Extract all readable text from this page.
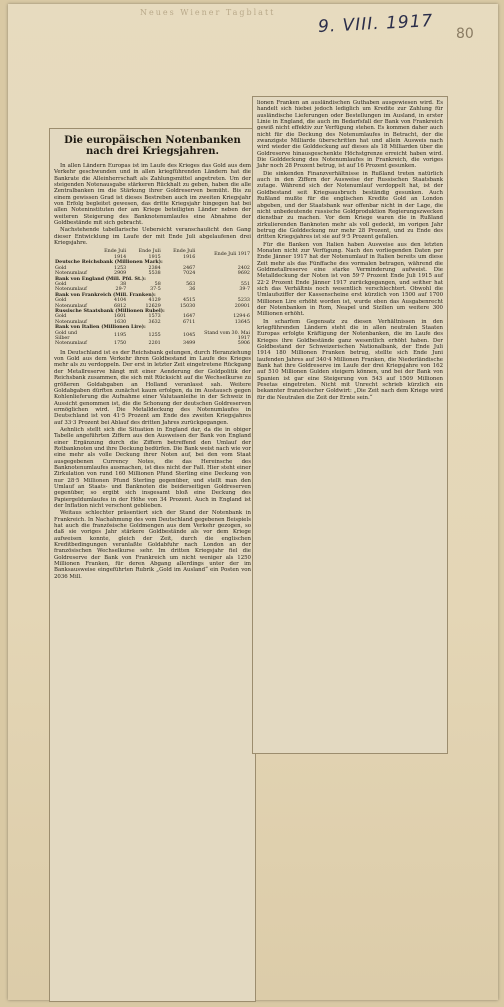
Neues Wiener Tagblatt 9. VIII. 1917 80
Die europäischen Notenbanken nach drei Kriegsjahren.

In allen Ländern Europas ist im Laufe des Krieges das Gold aus dem Verkehr geschwunden und in allen kriegführenden Ländern hat die Bankrate die Alleinherrschaft als Zahlungsmittel angetreten. Um der steigenden Notenausgabe stärkeren Rückhalt zu geben, haben die alle Zentralbanken im die Stärkung ihrer Goldreserven bemüht. Bis zu einem gewissen Grad ist dieses Bestreben auch im zweiten Kriegsjahr von Erfolg begleitet gewesen, das dritte Kriegsjahr hingegen hat bei allen Noteninstituten der am Kriege beteiligten Länder neben der weiteren Steigerung des Banknotenumlaufes eine Abnahme der Goldbestände mit sich gebracht.

Nachstehende tabellarische Uebersicht veranschaulicht den Gang dieser Entwicklung im Laufe der mit Ende Juli abgelaufenen drei Kriegsjahre.

	Ende Juli 1914	Ende Juli 1915	Ende Juli 1916	Ende Juli 1917
Deutsche Reichsbank (Millionen Mark):				
Gold	1253	2384	2467	2402
Notenumlauf	2909	5538	7024	9692
Bank von England (Mill. Pfd. St.):				
Gold	38	58	563	551
Notenumlauf	29·7	37·5	36	39·7
Bank von Frankreich (Mill. Franken):				
Gold	4104	4129	4515	5233
Notenumlauf	6812	12629	15030	20901
Russische Staatsbank (Millionen Rubel):				
Gold	1601	1573	1647	1294·6
Notenumlauf	1630	3632	6711	13645
Bank von Italien (Millionen Lire):				
Gold und Silber	1195	1255	1045	Stand vom 30. Mai 1917
Notenumlauf	1750	2201	3499	5906

In Deutschland ist es der Reichsbank gelungen, durch Heranziehung von Gold aus dem Verkehr ihren Goldbestand im Laufe des Krieges mehr als zu verdoppeln. Der erst in letzter Zeit eingetretene Rückgang der Metallreserve hängt mit einer Aenderung der Goldpolitik der Reichsbank zusammen, die sich mit Rücksicht auf die Wechselkurse zu größeren Goldabgaben an Holland veranlasst sah. Weitere Goldabgaben dürften zunächst kaum erfolgen, da im Austausch gegen Kohlenlieferung die Aufnahme einer Valutaanleihe in der Schweiz in Aussicht genommen ist, die die Schonung der deutschen Goldreserven ermöglichen wird. Die Metalldeckung des Notenumlaufes in Deutschland ist von 41·5 Prozent am Ende des zweiten Kriegsjahres auf 33·3 Prozent bei Ablauf des dritten Jahres zurückgegangen.

Aehnlich stellt sich die Situation in England dar, da die in obiger Tabelle angeführten Ziffern aus den Ausweisen der Bank von England einer Ergänzung durch die Ziffern betreffend den Umlauf der Rotbanknoten und ihre Deckung bedürfen. Die Bank weist nach wie vor eine mehr als volle Deckung ihrer Noten auf, bei den vom Staat ausgegebenen Currency Notes, die das Hereinsche des Banknotenumlaufes ausmachen, ist dies nicht der Fall. Hier steht einer Zirkulation von rund 160 Millionen Pfund Sterling eine Deckung von nur 28·5 Millionen Pfund Sterling gegenüber, und stellt man den Umlauf an Staats- und Banknoten die beiderseitigen Goldreserven gegenüber, so ergibt sich insgesamt bloß eine Deckung des Papiergeldumlaufes in der Höhe von 34 Prozent. Auch in England ist der Inflation nicht verschont geblieben.

Weitaus schlechter präsentiert sich der Stand der Notenbank in Frankreich. In Nachahmung des vom Deutschland gegebenen Beispiels hat auch die französische Goldmengen aus dem Verkehr gezogen, so daß sie voriges Jahr stärkere Goldbestände als vor dem Kriege aufweisen konnte, gleich der Zeit, durch die englischen Kreditbedingungen veranlaßte Goldabfuhr nach London an der französischen Wechselkurse sehr. Im dritten Kriegsjahr fiel die Goldreserve der Bank von Frankreich um nicht weniger als 1250 Millionen Franken, für deren Abgang allerdings unter der im Banksausweise eingeführten Rubrik „Gold im Ausland“ ein Posten von 2036 Mill.

lionen Franken an ausländischen Guthaben ausgewiesen wird. Es handelt sich hiebei jedoch lediglich um Kredite zur Zahlung für ausländische Lieferungen oder Bestellungen im Ausland, in erster Linie in England, die auch im Bedarfsfall der Bank von Frankreich gewiß nicht effektiv zur Verfügung stehen. Es kommen daher auch nicht für die Deckung des Notenumlaufes in Betracht, der die zwanzigste Milliarde überschritten hat und allein Ausweis nach wird wieder die Golddeckung auf dieses als 18 Milliarden über die Goldreserve hinausgeschenkte Höchstgrenze erreicht haben wird. Die Golddeckung des Notenumlaufes in Frankreich, die voriges Jahr noch 28 Prozent betrug, ist auf 16 Prozent gesunken.

Die sinkenden Finanzverhältnisse in Rußland treten natürlich auch in den Ziffern der Ausweise der Russischen Staatsbank zutage. Während sich der Notenumlauf verdoppelt hat, ist der Goldbestand seit Kriegsausbruch beständig gesunken. Auch Rußland mußte für die englischen Kredite Gold an London abgeben, und der Staatsbank war offenbar nicht in der Lage, die nicht unbedeutende russische Goldproduktion Regierungszwecken dienstbar zu machen. Vor dem Kriege waren die in Rußland zirkulierenden Banknoten mehr als voll gedeckt, im vorigen Jahr betrug die Golddeckung nur mehr 28 Prozent, und zu Ende des dritten Kriegsjahres ist sie auf 9·5 Prozent gefallen.

Für die Banken von Italien haben Ausweise aus den letzten Monaten nicht zur Verfügung. Nach den vorliegenden Daten per Ende Jänner 1917 hat der Notenumlauf in Italien bereits um diese Zeit mehr als das Fünffache des vormalen betragen, während die Goldmetallreserve eine starke Verminderung aufweist. Die Metalldeckung der Noten ist von 59·7 Prozent Ende Juli 1915 auf 22·2 Prozent Ende Jänner 1917 zurückgegangen, und seither hat sich das Verhältnis noch wesentlich verschlechtert. Obwohl die Umlaufsziffer der Kassenscheine erst kürzlich von 1500 auf 1700 Millionen Lire erhöht worden ist, wurde eben das Ausgabenrecht der Notenbanken in Rom, Neapel und Sizilien um weitere 300 Millionen erhöht.

In scharfem Gegensatz zu diesen Verhältnissen in den kriegführenden Ländern steht die in allen neutralen Staaten Europas erfolgte Kräftigung der Notenbanken, die im Laufe des Krieges ihre Goldbestände ganz wesentlich erhöht haben. Der Goldbestand der Schweizerischen Nationalbank, der Ende Juli 1914 180 Millionen Franken betrug, stellte sich Ende Juni laufenden Jahres auf 340·4 Millionen Franken, die Niederländische Bank hat ihre Goldreserve im Laufe der drei Kriegsjahre von 162 auf 510 Millionen Gulden steigern können, und bei der Bank von Spanien ist gar eine Steigerung von 543 auf 1509 Millionen Pesetas eingetreten. Nicht mit Unrecht schrieb kürzlich ein bekannter französischer Goldwirt: „Die Zeit nach dem Kriege wird für die Neutralen die Zeit der Ernte sein.“
